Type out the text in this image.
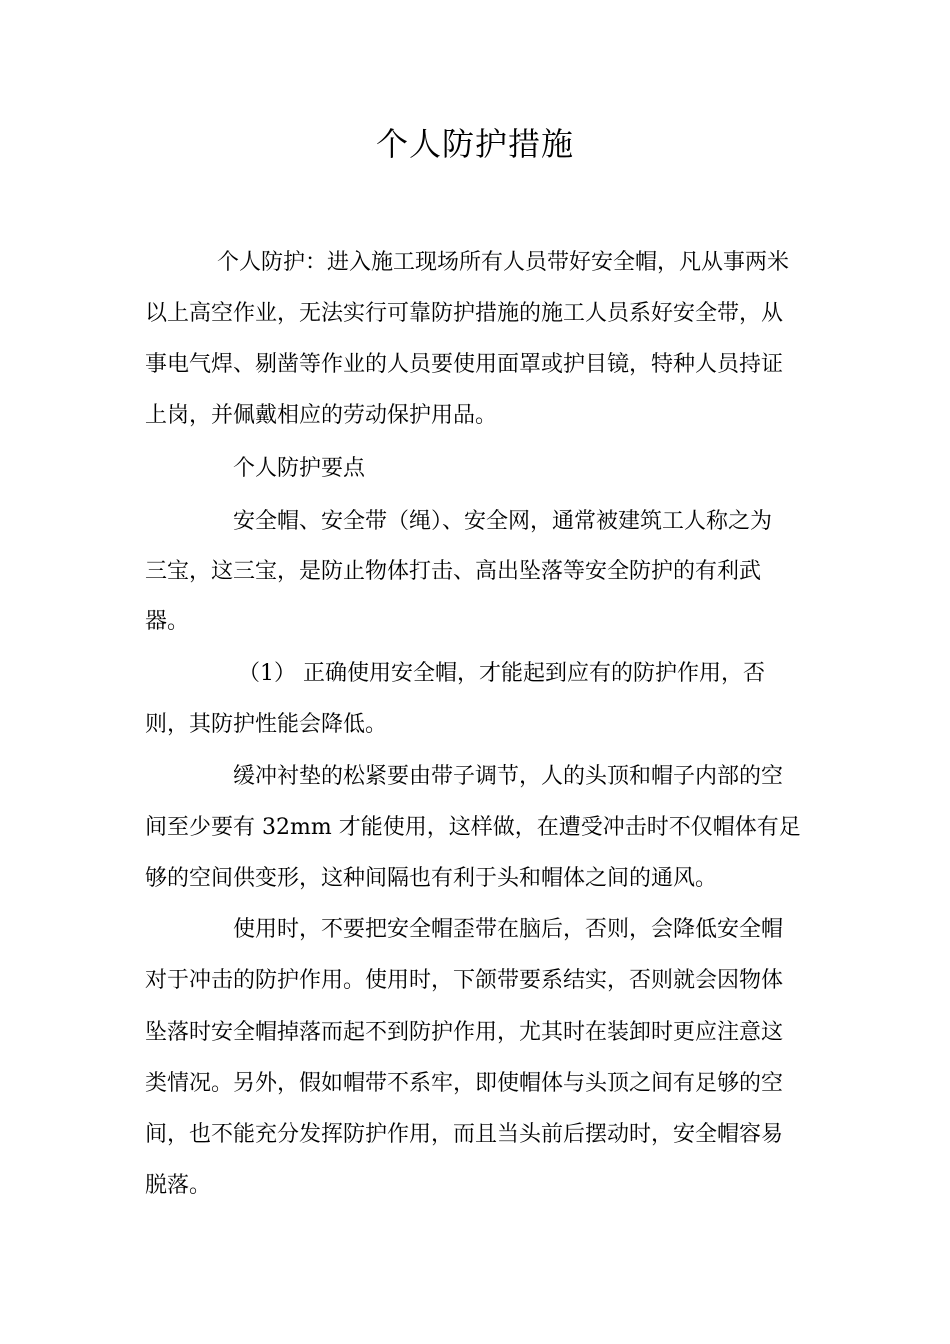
个人防护措施
个人防护：进入施工现场所有人员带好安全帽，凡从事两米
以上高空作业，无法实行可靠防护措施的施工人员系好安全带，从
事电气焊、剔凿等作业的人员要使用面罩或护目镜，特种人员持证
上岗，并佩戴相应的劳动保护用品。
个人防护要点
安全帽、安全带（绳）、安全网，通常被建筑工人称之为
三宝，这三宝，是防止物体打击、高出坠落等安全防护的有利武
器。
（1） 正确使用安全帽，才能起到应有的防护作用，否
则，其防护性能会降低。
缓冲衬垫的松紧要由带子调节，人的头顶和帽子内部的空
间至少要有 32mm 才能使用，这样做，在遭受冲击时不仅帽体有足
够的空间供变形，这种间隔也有利于头和帽体之间的通风。
使用时，不要把安全帽歪带在脑后，否则，会降低安全帽
对于冲击的防护作用。使用时，下颌带要系结实，否则就会因物体
坠落时安全帽掉落而起不到防护作用，尤其时在装卸时更应注意这
类情况。另外，假如帽带不系牢，即使帽体与头顶之间有足够的空
间，也不能充分发挥防护作用，而且当头前后摆动时，安全帽容易
脱落。
